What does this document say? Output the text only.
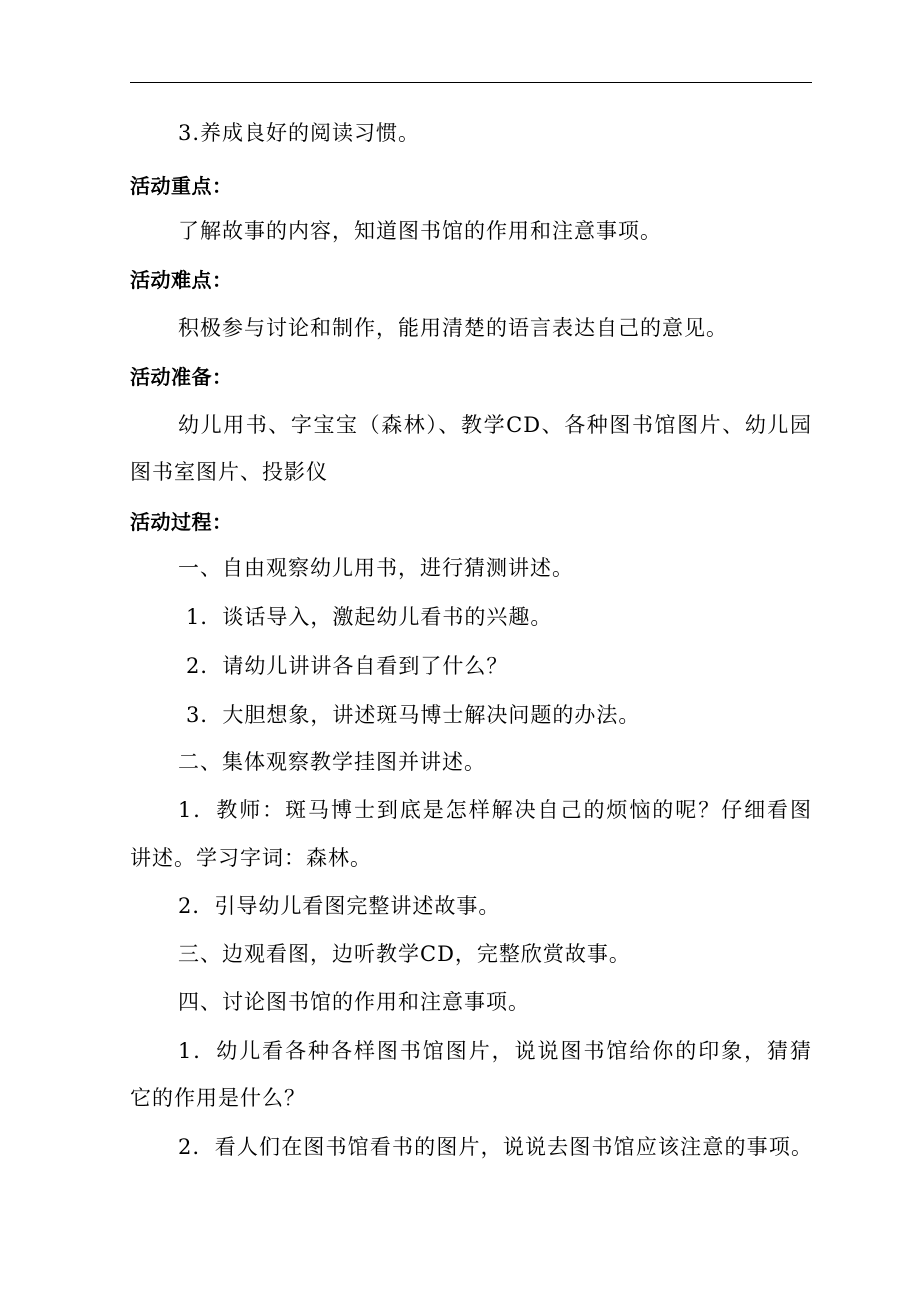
3.养成良好的阅读习惯。
活动重点：
了解故事的内容，知道图书馆的作用和注意事项。
活动难点：
积极参与讨论和制作，能用清楚的语言表达自己的意见。
活动准备：
幼儿用书、字宝宝（森林）、教学CD、各种图书馆图片、幼儿园
图书室图片、投影仪
活动过程：
一、自由观察幼儿用书，进行猜测讲述。
1．谈话导入，激起幼儿看书的兴趣。
2．请幼儿讲讲各自看到了什么？
3．大胆想象，讲述斑马博士解决问题的办法。
二、集体观察教学挂图并讲述。
1．教师：斑马博士到底是怎样解决自己的烦恼的呢？仔细看图
讲述。学习字词：森林。
2．引导幼儿看图完整讲述故事。
三、边观看图，边听教学CD，完整欣赏故事。
四、讨论图书馆的作用和注意事项。
1．幼儿看各种各样图书馆图片，说说图书馆给你的印象，猜猜
它的作用是什么？
2．看人们在图书馆看书的图片，说说去图书馆应该注意的事项。
